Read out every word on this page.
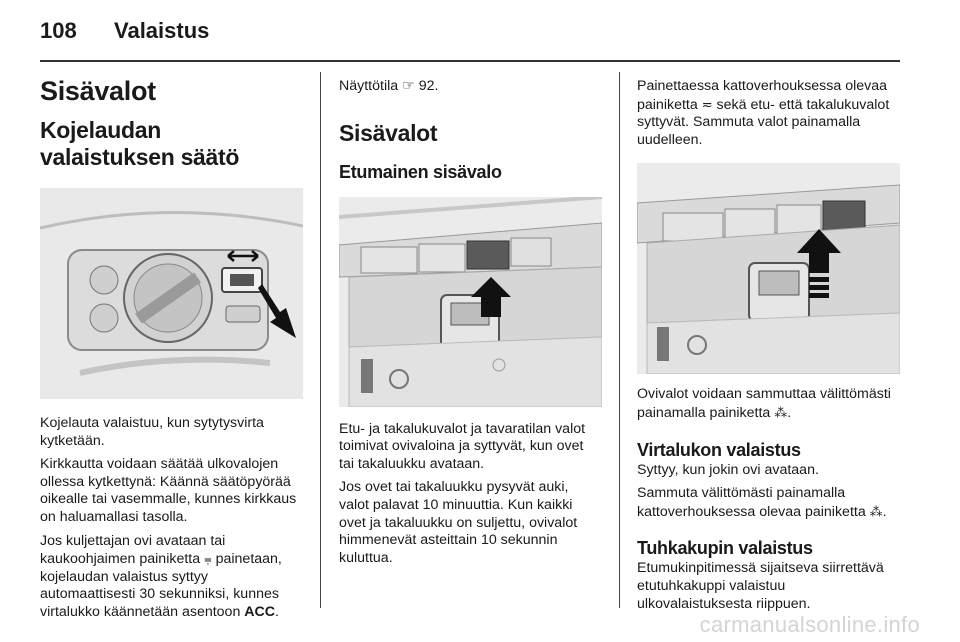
108 Valaistus
Sisävalot
Kojelaudan valaistuksen säätö
Kojelauta valaistuu, kun sytytysvirta kytketään.
Kirkkautta voidaan säätää ulkovalojen ollessa kytkettynä: Käännä säätöpyörää oikealle tai vasemmalle, kunnes kirkkaus on haluamallasi tasolla.
Jos kuljettajan ovi avataan tai kaukoohjaimen painiketta ⩦ painetaan, kojelaudan valaistus syttyy automaattisesti 30 sekunniksi, kunnes virtalukko käännetään asentoon ACC.
Näyttötila ☞ 92.
Sisävalot
Etumainen sisävalo
Etu- ja takalukuvalot ja tavaratilan valot toimivat ovivaloina ja syttyvät, kun ovet tai takaluukku avataan.
Jos ovet tai takaluukku pysyvät auki, valot palavat 10 minuuttia. Kun kaikki ovet ja takaluukku on suljettu, ovivalot himmenevät asteittain 10 sekunnin kuluttua.
Painettaessa kattoverhouksessa olevaa painiketta ≂ sekä etu- että takalukuvalot syttyvät. Sammuta valot painamalla uudelleen.
Ovivalot voidaan sammuttaa välittömästi painamalla painiketta ⁂.
Virtalukon valaistus
Syttyy, kun jokin ovi avataan.
Sammuta välittömästi painamalla kattoverhouksessa olevaa painiketta ⁂.
Tuhkakupin valaistus
Etumukinpitimessä sijaitseva siirrettävä etutuhkakuppi valaistuu ulkovalaistuksesta riippuen.
carmanualsonline.info
